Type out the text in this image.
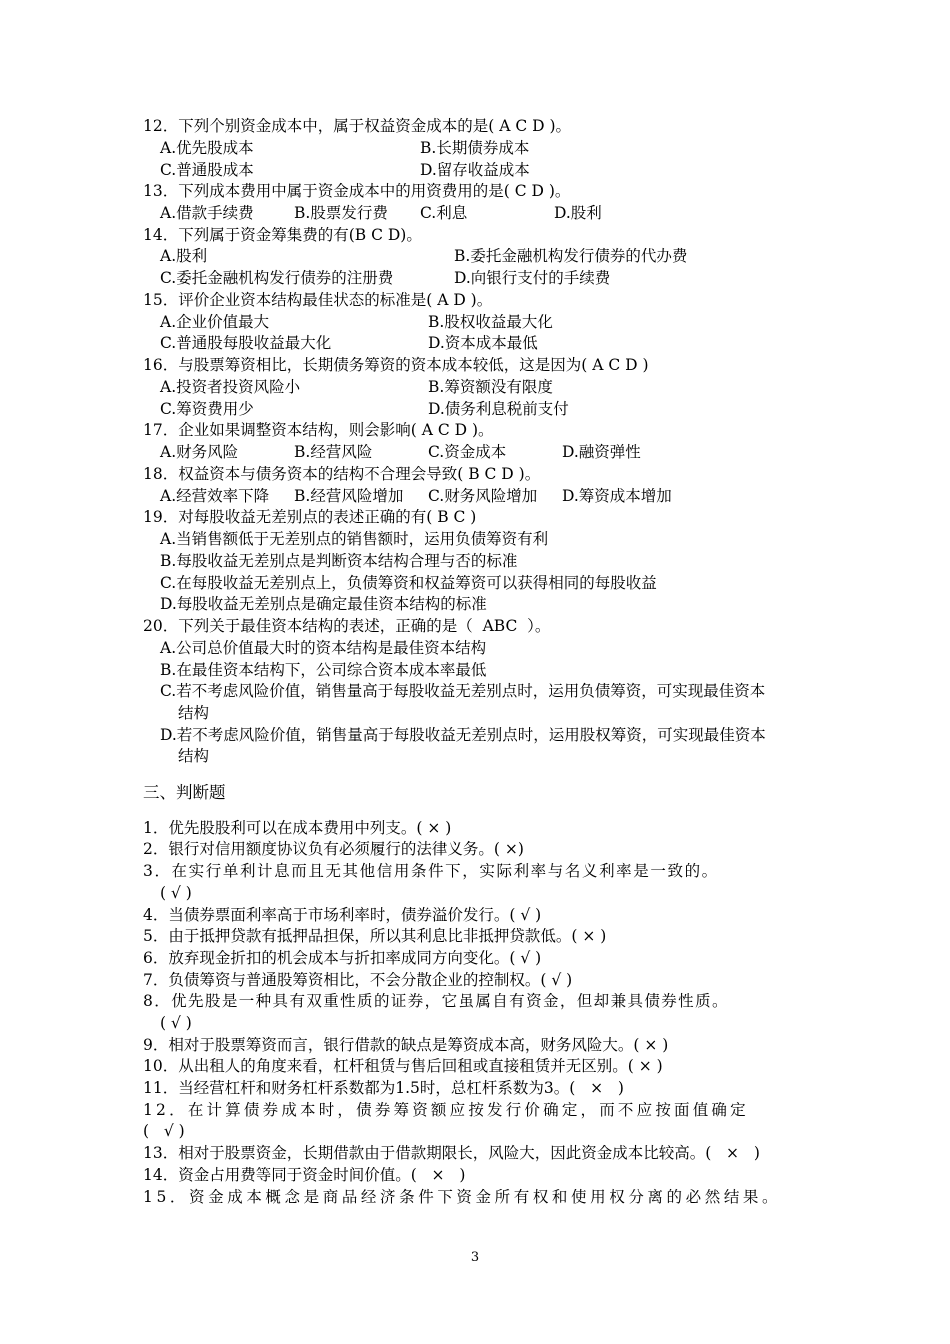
12．下列个别资金成本中，属于权益资金成本的是( A C D )。
A.优先股成本	B.长期债券成本
C.普通股成本	D.留存收益成本
13．下列成本费用中属于资金成本中的用资费用的是( C D )。
A.借款手续费	B.股票发行费 C.利息	D.股利
14．下列属于资金筹集费的有(B C D)。
A.股利	B.委托金融机构发行债券的代办费
C.委托金融机构发行债券的注册费	D.向银行支付的手续费
15．评价企业资本结构最佳状态的标准是( A D )。
A.企业价值最大	B.股权收益最大化
C.普通股每股收益最大化	D.资本成本最低
16．与股票筹资相比，长期债务筹资的资本成本较低，这是因为( A C D )
A.投资者投资风险小	B.筹资额没有限度
C.筹资费用少	D.债务利息税前支付
17．企业如果调整资本结构，则会影响( A C D )。
A.财务风险	B.经营风险	C.资金成本	D.融资弹性
18．权益资本与债务资本的结构不合理会导致( B C D )。
A.经营效率下降 B.经营风险增加 C.财务风险增加 D.筹资成本增加
19．对每股收益无差别点的表述正确的有( B C )
A.当销售额低于无差别点的销售额时，运用负债筹资有利
B.每股收益无差别点是判断资本结构合理与否的标准
C.在每股收益无差别点上，负债筹资和权益筹资可以获得相同的每股收益
D.每股收益无差别点是确定最佳资本结构的标准
20．下列关于最佳资本结构的表述，正确的是（  ABC  ）。
A.公司总价值最大时的资本结构是最佳资本结构
B.在最佳资本结构下，公司综合资本成本率最低
C.若不考虑风险价值，销售量高于每股收益无差别点时，运用负债筹资，可实现最佳资本
结构
D.若不考虑风险价值，销售量高于每股收益无差别点时，运用股权筹资，可实现最佳资本
结构
三、判断题
1．优先股股利可以在成本费用中列支。( × )
2．银行对信用额度协议负有必须履行的法律义务。( ×)
3．在实行单利计息而且无其他信用条件下，实际利率与名义利率是一致的。
( √ )
4．当债券票面利率高于市场利率时，债券溢价发行。( √ )
5．由于抵押贷款有抵押品担保，所以其利息比非抵押贷款低。( × )
6．放弃现金折扣的机会成本与折扣率成同方向变化。( √ )
7．负债筹资与普通股筹资相比，不会分散企业的控制权。( √ )
8．优先股是一种具有双重性质的证券，它虽属自有资金，但却兼具债券性质。
( √ )
9．相对于股票筹资而言，银行借款的缺点是筹资成本高，财务风险大。( × )
10．从出租人的角度来看，杠杆租赁与售后回租或直接租赁并无区别。( × )
11．当经营杠杆和财务杠杆系数都为1.5时，总杠杆系数为3。(   ×   )
12．在计算债券成本时，债券筹资额应按发行价确定，而不应按面值确定
(   √ )
13．相对于股票资金，长期借款由于借款期限长，风险大，因此资金成本比较高。(   ×   )
14．资金占用费等同于资金时间价值。(   ×   )
15．资金成本概念是商品经济条件下资金所有权和使用权分离的必然结果。
3
